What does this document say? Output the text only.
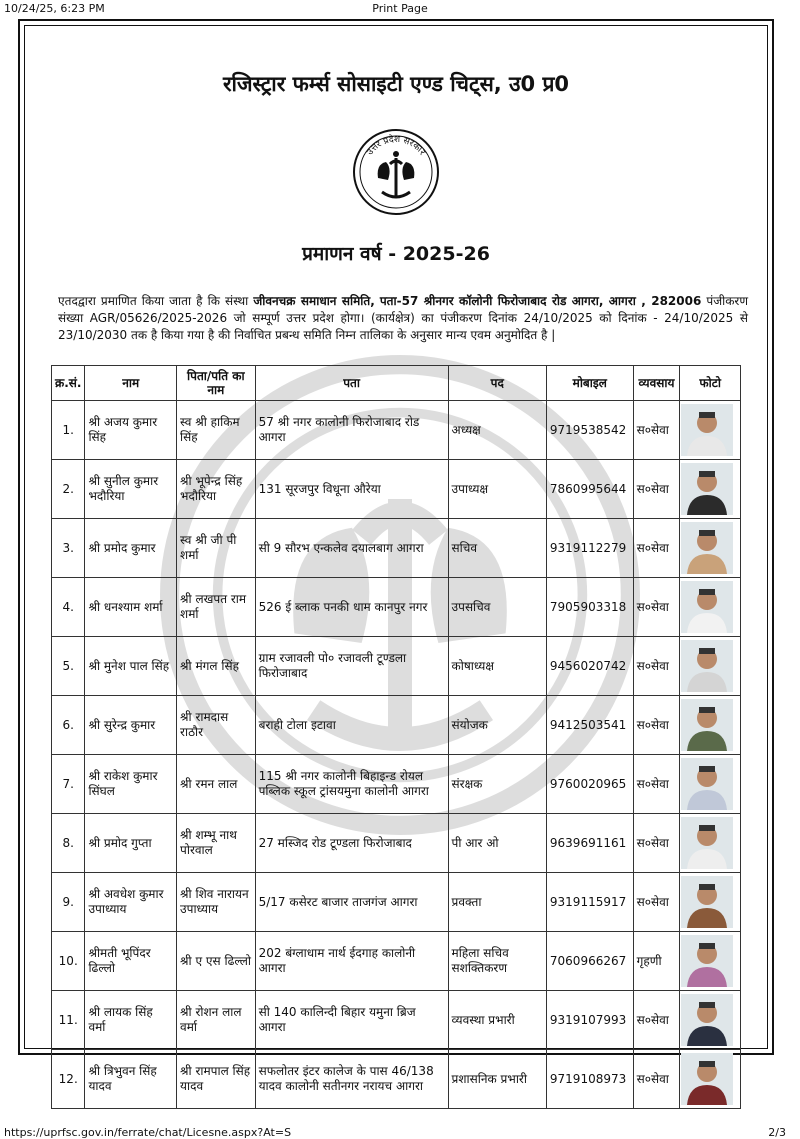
10/24/25, 6:23 PM	Print Page
रजिस्ट्रार फर्म्स सोसाइटी एण्ड चिट्स, उ0 प्र0
उत्तर प्रदेश सरकार
प्रमाणन वर्ष - 2025-26
एतदद्वारा प्रमाणित किया जाता है कि संस्था जीवनचक्र समाधान समिति, पता-57 श्रीनगर कॉलोनी फिरोजाबाद रोड आगरा, आगरा , 282006 पंजीकरण संख्या AGR/05626/2025-2026 जो सम्पूर्ण उत्तर प्रदेश होगा। (कार्यक्षेत्र) का पंजीकरण दिनांक 24/10/2025 को दिनांक - 24/10/2025 से 23/10/2030 तक है किया गया है की निर्वाचित प्रबन्ध समिति निम्न तालिका के अनुसार मान्य एवम अनुमोदित है |
क्र.सं.	नाम	पिता/पति का नाम	पता	पद	मोबाइल	व्यवसाय	फोटो
1.	श्री अजय कुमार सिंह	स्व श्री हाकिम सिंह	57 श्री नगर कालोनी फिरोजाबाद रोड आगरा	अध्यक्ष	9719538542	स०सेवा	

2.	श्री सुनील कुमार भदौरिया	श्री भूपेन्द्र सिंह भदौरिया	131 सूरजपुर विधूना औरेया	उपाध्यक्ष	7860995644	स०सेवा	

3.	श्री प्रमोद कुमार	स्व श्री जी पी शर्मा	सी 9 सौरभ एन्कलेव दयालबाग आगरा	सचिव	9319112279	स०सेवा	

4.	श्री धनश्याम शर्मा	श्री लखपत राम शर्मा	526 ई ब्लाक पनकी धाम कानपुर नगर	उपसचिव	7905903318	स०सेवा	

5.	श्री मुनेश पाल सिंह	श्री मंगल सिंह	ग्राम रजावली पो० रजावली टूण्डला फिरोजाबाद	कोषाध्यक्ष	9456020742	स०सेवा	

6.	श्री सुरेन्द्र कुमार	श्री रामदास राठौर	बराही टोला इटावा	संयोजक	9412503541	स०सेवा	

7.	श्री राकेश कुमार सिंघल	श्री रमन लाल	115 श्री नगर कालोनी बिहाइन्ड रोयल पब्लिक स्कूल ट्रांसयमुना कालोनी आगरा	संरक्षक	9760020965	स०सेवा	

8.	श्री प्रमोद गुप्ता	श्री शम्भू नाथ पोरवाल	27 मस्जिद रोड टूण्डला फिरोजाबाद	पी आर ओ	9639691161	स०सेवा	

9.	श्री अवधेश कुमार उपाध्याय	श्री शिव नारायन उपाध्याय	5/17 कसेरट बाजार ताजगंज आगरा	प्रवक्ता	9319115917	स०सेवा	

10.	श्रीमती भूपिंदर ढिल्लो	श्री ए एस ढिल्लो	202 बंग्लाधाम नार्थ ईदगाह कालोनी आगरा	महिला सचिव सशक्तिकरण	7060966267	गृहणी	

11.	श्री लायक सिंह वर्मा	श्री रोशन लाल वर्मा	सी 140 कालिन्दी बिहार यमुना ब्रिज आगरा	व्यवस्था प्रभारी	9319107993	स०सेवा	

12.	श्री त्रिभुवन सिंह यादव	श्री रामपाल सिंह यादव	सफलोतर इंटर कालेज के पास 46/138 यादव कालोनी सतीनगर नरायच आगरा	प्रशासनिक प्रभारी	9719108973	स०सेवा	
https://uprfsc.gov.in/ferrate/chat/Licesne.aspx?At=S	2/3
